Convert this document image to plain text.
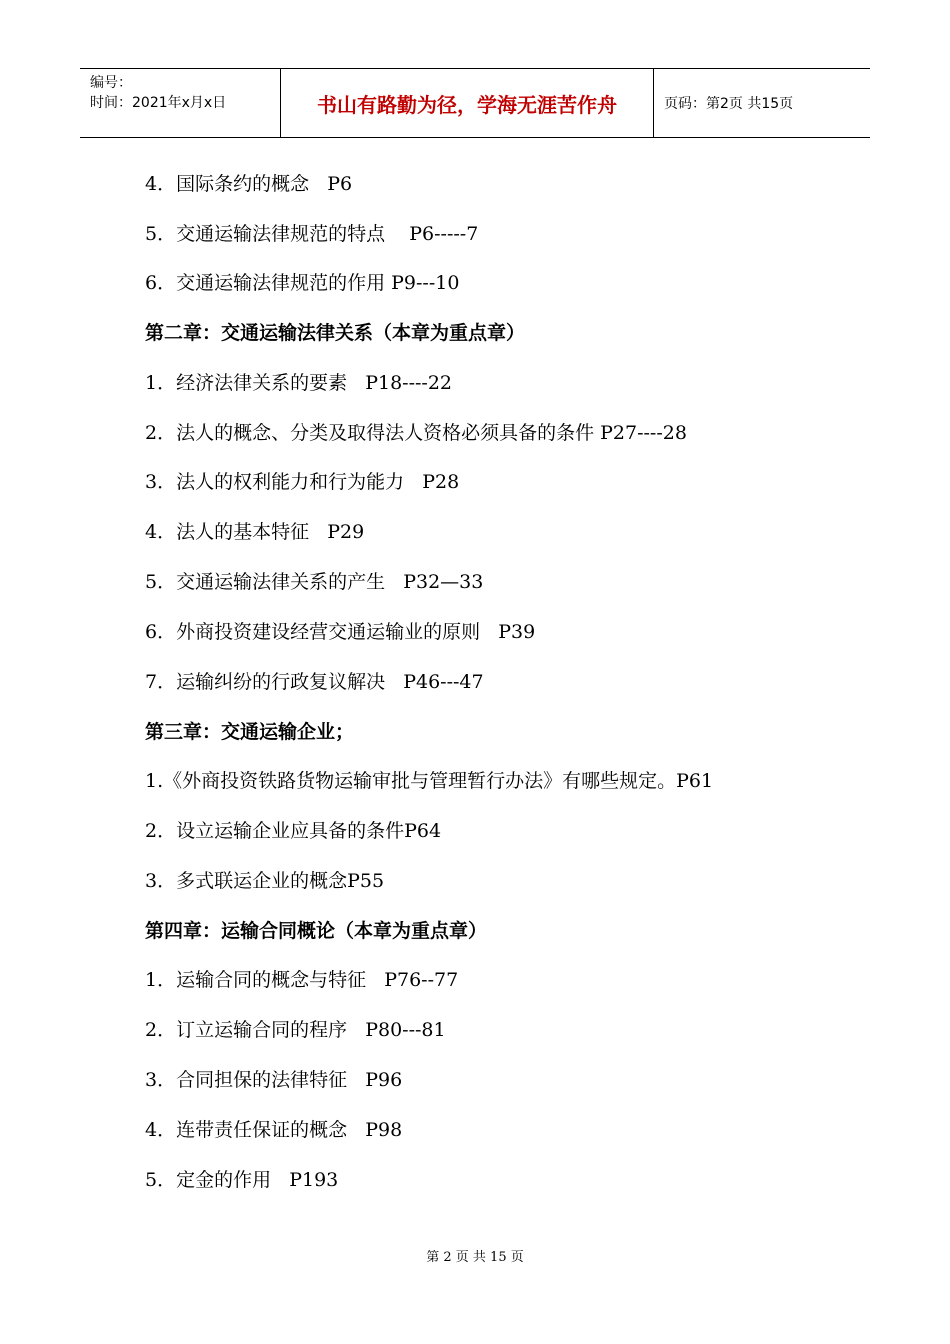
编号：
时间：2021年x月x日	书山有路勤为径，学海无涯苦作舟	页码：第2页 共15页
4．国际条约的概念   P6
5．交通运输法律规范的特点    P6-----7
6．交通运输法律规范的作用 P9---10
第二章：交通运输法律关系（本章为重点章）
1．经济法律关系的要素   P18----22
2．法人的概念、分类及取得法人资格必须具备的条件 P27----28
3．法人的权利能力和行为能力   P28
4．法人的基本特征   P29
5．交通运输法律关系的产生   P32—33
6．外商投资建设经营交通运输业的原则   P39
7．运输纠纷的行政复议解决   P46---47
第三章：交通运输企业；
1.《外商投资铁路货物运输审批与管理暂行办法》有哪些规定。P61
2．设立运输企业应具备的条件P64
3．多式联运企业的概念P55
第四章：运输合同概论（本章为重点章）
1．运输合同的概念与特征   P76--77
2．订立运输合同的程序   P80---81
3．合同担保的法律特征   P96
4．连带责任保证的概念   P98
5．定金的作用   P193
第 2 页 共 15 页
